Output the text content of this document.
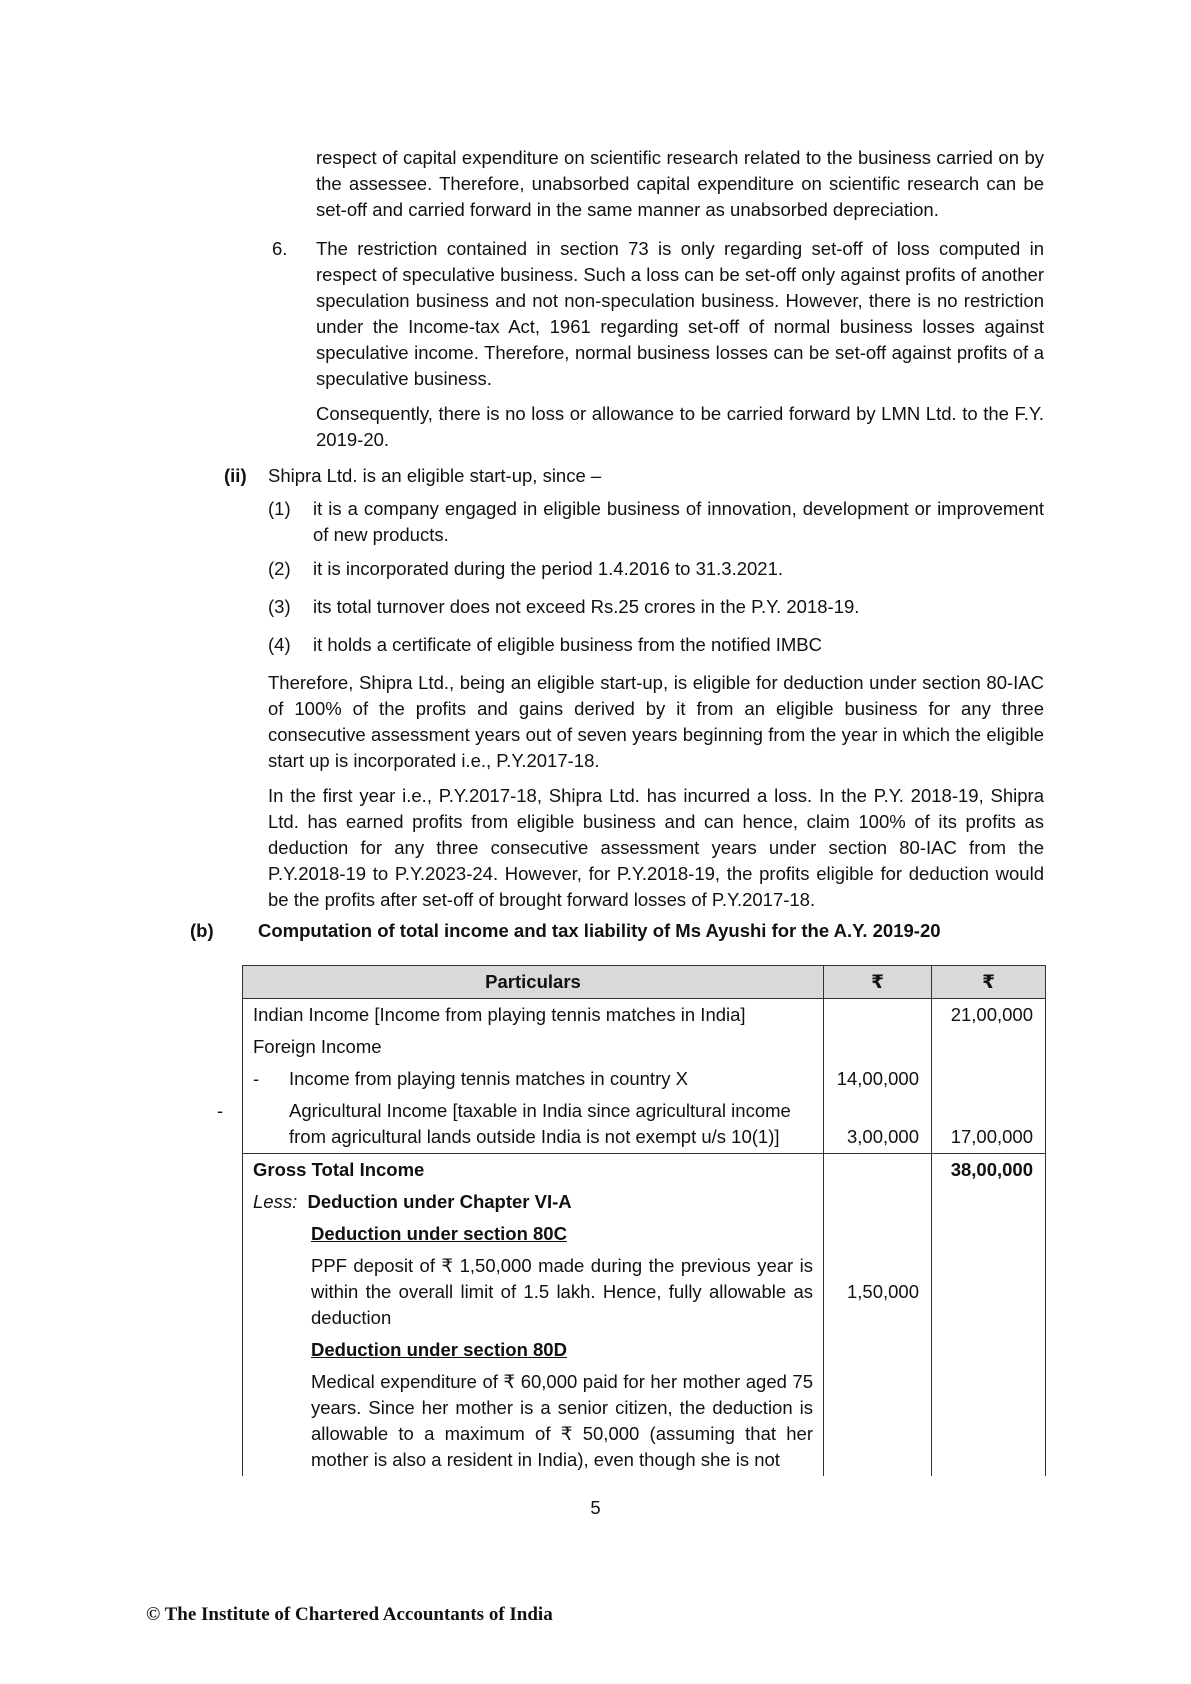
respect of capital expenditure on scientific research related to the business carried on by the assessee. Therefore, unabsorbed capital expenditure on scientific research can be set-off and carried forward in the same manner as unabsorbed depreciation.

6. The restriction contained in section 73 is only regarding set-off of loss computed in respect of speculative business. Such a loss can be set-off only against profits of another speculation business and not non-speculation business. However, there is no restriction under the Income-tax Act, 1961 regarding set-off of normal business losses against speculative income. Therefore, normal business losses can be set-off against profits of a speculative business.

Consequently, there is no loss or allowance to be carried forward by LMN Ltd. to the F.Y. 2019-20.

(ii) Shipra Ltd. is an eligible start-up, since –
(1) it is a company engaged in eligible business of innovation, development or improvement of new products.

(2) it is incorporated during the period 1.4.2016 to 31.3.2021.

(3) its total turnover does not exceed Rs.25 crores in the P.Y. 2018-19.

(4) it holds a certificate of eligible business from the notified IMBC

Therefore, Shipra Ltd., being an eligible start-up, is eligible for deduction under section 80-IAC of 100% of the profits and gains derived by it from an eligible business for any three consecutive assessment years out of seven years beginning from the year in which the eligible start up is incorporated i.e., P.Y.2017-18.

In the first year i.e., P.Y.2017-18, Shipra Ltd. has incurred a loss. In the P.Y. 2018-19, Shipra Ltd. has earned profits from eligible business and can hence, claim 100% of its profits as deduction for any three consecutive assessment years under section 80-IAC from the P.Y.2018-19 to P.Y.2023-24. However, for P.Y.2018-19, the profits eligible for deduction would be the profits after set-off of brought forward losses of P.Y.2017-18.

(b) Computation of total income and tax liability of Ms Ayushi for the A.Y. 2019-20
Particulars	₹	₹
Indian Income [Income from playing tennis matches in India]		21,00,000
Foreign Income		
- Income from playing tennis matches in country X	14,00,000	

- Agricultural Income [taxable in India since agricultural income from agricultural lands outside India is not exempt u/s 10(1)]	3,00,000	17,00,000
Gross Total Income		38,00,000
Less: Deduction under Chapter VI-A		

Deduction under section 80C		

PPF deposit of ₹ 1,50,000 made during the previous year is within the overall limit of 1.5 lakh. Hence, fully allowable as deduction	1,50,000	

Deduction under section 80D		

Medical expenditure of ₹ 60,000 paid for her mother aged 75 years. Since her mother is a senior citizen, the deduction is allowable to a maximum of ₹ 50,000 (assuming that her mother is also a resident in India), even though she is not		

5
© The Institute of Chartered Accountants of India
